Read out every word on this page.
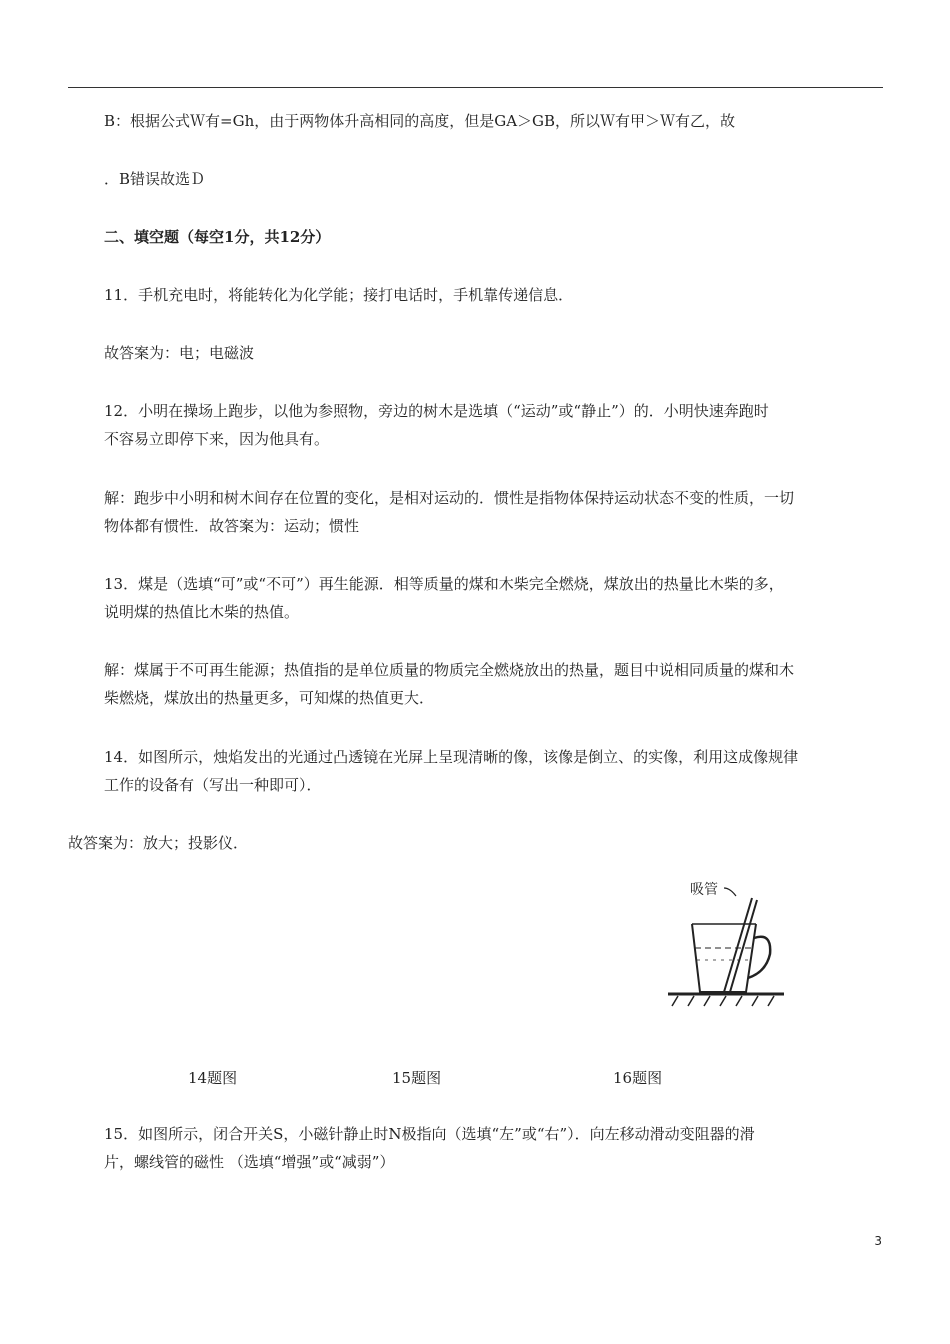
B：根据公式Ｗ有=Gh，由于两物体升高相同的高度，但是GA＞GB，所以Ｗ有甲＞Ｗ有乙，故
．B错误故选Ｄ
二、填空题（每空1分，共12分）
11．手机充电时，将能转化为化学能；接打电话时，手机靠传递信息．
故答案为：电；电磁波
12．小明在操场上跑步，以他为参照物，旁边的树木是选填（“运动”或“静止”）的．小明快速奔跑时
不容易立即停下来，因为他具有。
解：跑步中小明和树木间存在位置的变化，是相对运动的．惯性是指物体保持运动状态不变的性质，一切
物体都有惯性．故答案为：运动；惯性
13．煤是（选填“可”或“不可”）再生能源．相等质量的煤和木柴完全燃烧，煤放出的热量比木柴的多，
说明煤的热值比木柴的热值。
解：煤属于不可再生能源；热值指的是单位质量的物质完全燃烧放出的热量，题目中说相同质量的煤和木
柴燃烧，煤放出的热量更多，可知煤的热值更大．
14．如图所示，烛焰发出的光通过凸透镜在光屏上呈现清晰的像，该像是倒立、的实像，利用这成像规律
工作的设备有（写出一种即可）．
故答案为：放大；投影仪．
吸管
14题图	15题图	16题图
15．如图所示，闭合开关S，小磁针静止时N极指向（选填“左”或“右”）．向左移动滑动变阻器的滑
片，螺线管的磁性 （选填“增强”或“减弱”）
3
